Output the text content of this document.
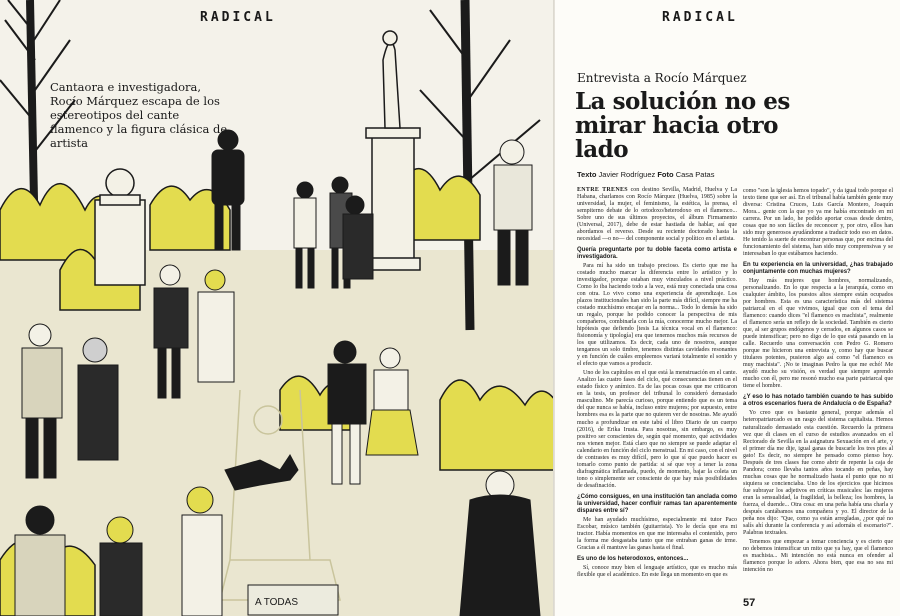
A TODAS
RADICAL
Cantaora e investigadora, Rocío Márquez escapa de los estereotipos del cante flamenco y la figura clásica de artista
RADICAL
Entrevista a Rocío Márquez
La solución no es mirar hacia otro lado
Texto Javier Rodríguez Foto Casa Patas

ENTRE TRENES con destino Sevilla, Madrid, Huelva y La Habana, charlamos con Rocío Márquez (Huelva, 1985) sobre la universidad, la mujer, el feminismo, la estética, la prensa, el sempiterno debate de lo ortodoxo/heterodoxo en el flamenco... Sobre uno de sus últimos proyectos, el álbum Firmamento (Universal, 2017), debe de estar hastiada de hablar, así que abordamos el reverso. Desde su reciente doctorado hasta la necesidad —o no— del componente social y político en el artista.

Quería preguntarte por tu doble faceta como artista e investigadora.

Para mí ha sido un trabajo precioso. Es cierto que me ha costado mucho marcar la diferencia entre lo artístico y lo investigador, porque estaban muy vinculados a nivel práctico. Como lo iba haciendo todo a la vez, está muy conectada una cosa con otra. Lo vivo como una experiencia de aprendizaje. Los plazos institucionales han sido la parte más difícil, siempre me ha costado muchísimo encajar en la norma... Todo lo demás ha sido un regalo, porque he podido conocer la perspectiva de mis compañeros, combinarla con la mía, conocerme mucho mejor. La hipótesis que defiendo [tesis La técnica vocal en el flamenco: fisionomía y tipología] era que tenemos muchos más recursos de los que utilizamos. Es decir, cada uno de nosotros, aunque tengamos un solo timbre, tenemos distintas cavidades resonantes y en función de cuáles empleemos variará totalmente el sonido y el efecto que vamos a producir.

Uno de los capítulos en el que está la menstruación en el cante. Analizo las cuatro fases del ciclo, qué consecuencias tienen en el estado físico y anímico. Es de las pocas cosas que me criticaron en la tesis, un profesor del tribunal lo consideró demasiado masculino. Me parecía curioso, porque entiendo que es un tema del que nunca se había, incluso entre mujeres; por supuesto, entre hombres esa es la parte que no quieren ver de nosotras. Me ayudó mucho a profundizar en este tabú el libro Diario de un cuerpo (2016), de Erika Irusta. Para nosotras, sin embargo, es muy positivo ser conscientes de, según qué momento, qué actividades nos vienen mejor. Está claro que no siempre se puede adaptar el calendario en función del ciclo menstrual. En mi caso, con el nivel de contrastes es muy difícil, pero lo que sí que puedo hacer es tomarlo como punto de partida: si sé que voy a tener la zona diafragmática inflamada, puedo, de momento, bajar la coleta un tono o simplemente ser consciente de que hay más posibilidades de desafinación.

¿Cómo consigues, en una institución tan anclada como la universidad, hacer confluir ramas tan aparentemente dispares entre sí?

Me han ayudado muchísimo, especialmente mi tutor Paco Escobar, músico también (guitarrista). Yo le decía que era mi tractor. Había momentos en que me interesaba el contenido, pero la forma me desgastaba tanto que me entraban ganas de irme. Gracias a él mantuve las ganas hasta el final.

Es uno de los heterodoxos, entonces...

Sí, conoce muy bien el lenguaje artístico, que es mucho más flexible que el académico. En este llega un momento en que es

como "son la iglesia hemos topado", y da igual todo porque el texto tiene que ser así. En el tribunal había también gente muy diversa: Cristina Cruces, Luis García Montero, Joaquín Mora... gente con la que yo ya me había encontrado en mi carrera. Por un lado, he podido aportar cosas desde dentro, cosas que no son fáciles de reconocer y, por otro, ellos han sido muy generosos ayudándome a traducir todo eso en datos. He tenido la suerte de encontrar personas que, por encima del funcionamiento del sistema, han sido muy comprensivas y se interesaban lo que estábamos haciendo.

En tu experiencia en la universidad, ¿has trabajado conjuntamente con muchas mujeres?

Hay más mujeres que hombres, normalizando, personalizando. En lo que respecta a la jerarquía, como en cualquier ámbito, los puestos altos siempre están ocupados por hombres. Esta es una característica más del sistema patriarcal en el que vivimos, igual que con el tema del flamenco: cuando dices "el flamenco es machista", realmente el flamenco sería un reflejo de la sociedad. También es cierto que, al ser grupos endógenos y cerrados, en algunos casos se puede intensificar; pero no digo de lo que está pasando en la calle. Recuerdo una conversación con Pedro G. Romero porque me hicieron una entrevista y, como hay que buscar titulares potentes, pusieron algo así como "el flamenco es muy machista". ¡No te imaginas Pedro la que me echó! Me ayudó mucho su visión, es verdad que siempre aprendo mucho con él, pero me resonó mucho esa parte patriarcal que tiene el hombre.

¿Y eso lo has notado también cuando te has subido a otros escenarios fuera de Andalucía o de España?

Yo creo que es bastante general, porque además el heteropatriarcado es un rasgo del sistema capitalista. Hemos naturalizado demasiado esta cuestión. Recuerdo la primera vez que di clases en el curso de estudios avanzados en el Rectorado de Sevilla en la asignatura Sexuación en el arte, y el primer día me dije, igual ganas de buscarle los tres pies al gato! Es decir, no siempre he pensado como pienso hoy. Después de tres clases fue como abrir de repente la caja de Pandora; como llevaba tantos años tocando en peñas, hay muchas cosas que he normalizado hasta el punto que no ni siquiera se concienciaba. Uno de los ejercicios que hicimos fue subrayar los adjetivos en críticas musicales: las mujeres eran la sensualidad, la fragilidad, la belleza; los hombres, la fuerza, el duende... Otra cosa: en una peña había una charla y después cantábamos una compañera y yo. El director de la peña nos dijo: "Que, como ya están arregladas, ¿por qué no salís ahí durante la conferencia y así adornáis el escenario?". Palabras textuales.

Tenemos que empezar a tomar conciencia y es cierto que no debemos intensificar un mito que ya hay, que el flamenco es machista... Mi intención no está nunca en ofender al flamenco porque lo adoro. Ahora bien, que esa no sea mi intención no

57
